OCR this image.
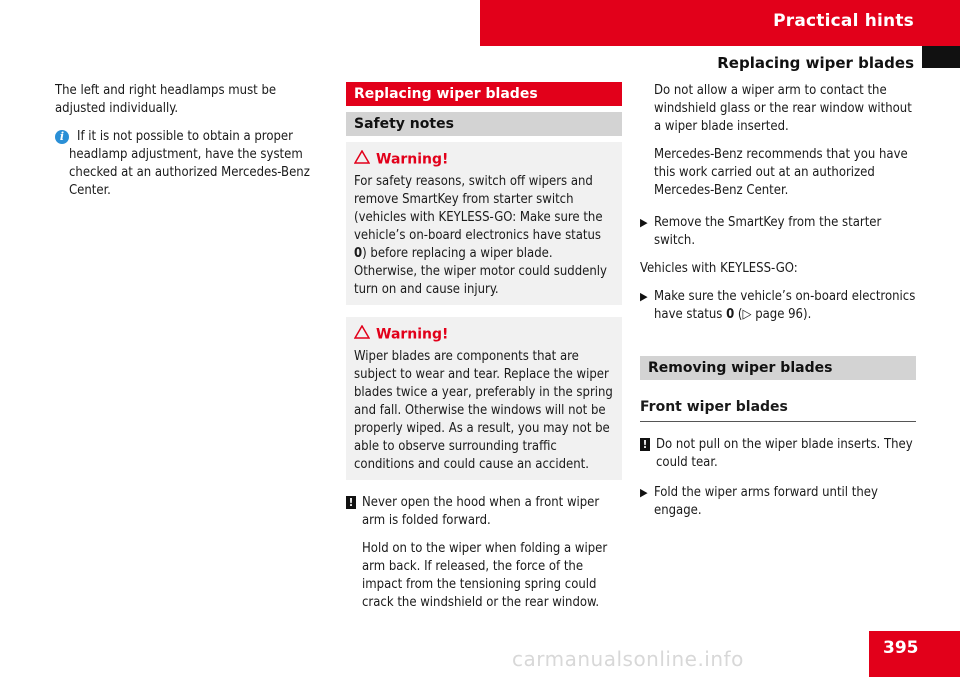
Practical hints
Replacing wiper blades

The left and right headlamps must be adjusted individually.

i If it is not possible to obtain a proper headlamp adjustment, have the system checked at an authorized Mercedes-Benz Center.
Replacing wiper blades
Safety notes
Warning!
For safety reasons, switch off wipers and remove SmartKey from starter switch (vehicles with KEYLESS-GO: Make sure the vehicle’s on-board electronics have status 0) before replacing a wiper blade. Otherwise, the wiper motor could suddenly turn on and cause injury.
Warning!
Wiper blades are components that are subject to wear and tear. Replace the wiper blades twice a year, preferably in the spring and fall. Otherwise the windows will not be properly wiped. As a result, you may not be able to observe surrounding traffic conditions and could cause an accident.
! Never open the hood when a front wiper arm is folded forward.

Hold on to the wiper when folding a wiper arm back. If released, the force of the impact from the tensioning spring could crack the windshield or the rear window.

Do not allow a wiper arm to contact the windshield glass or the rear window without a wiper blade inserted.

Mercedes-Benz recommends that you have this work carried out at an authorized Mercedes-Benz Center.

▶ Remove the SmartKey from the starter switch.

Vehicles with KEYLESS-GO:

▶ Make sure the vehicle’s on-board electronics have status 0 (▷ page 96).

Removing wiper blades
Front wiper blades
! Do not pull on the wiper blade inserts. They could tear.

▶ Fold the wiper arms forward until they engage.

395
carmanualsonline.info
